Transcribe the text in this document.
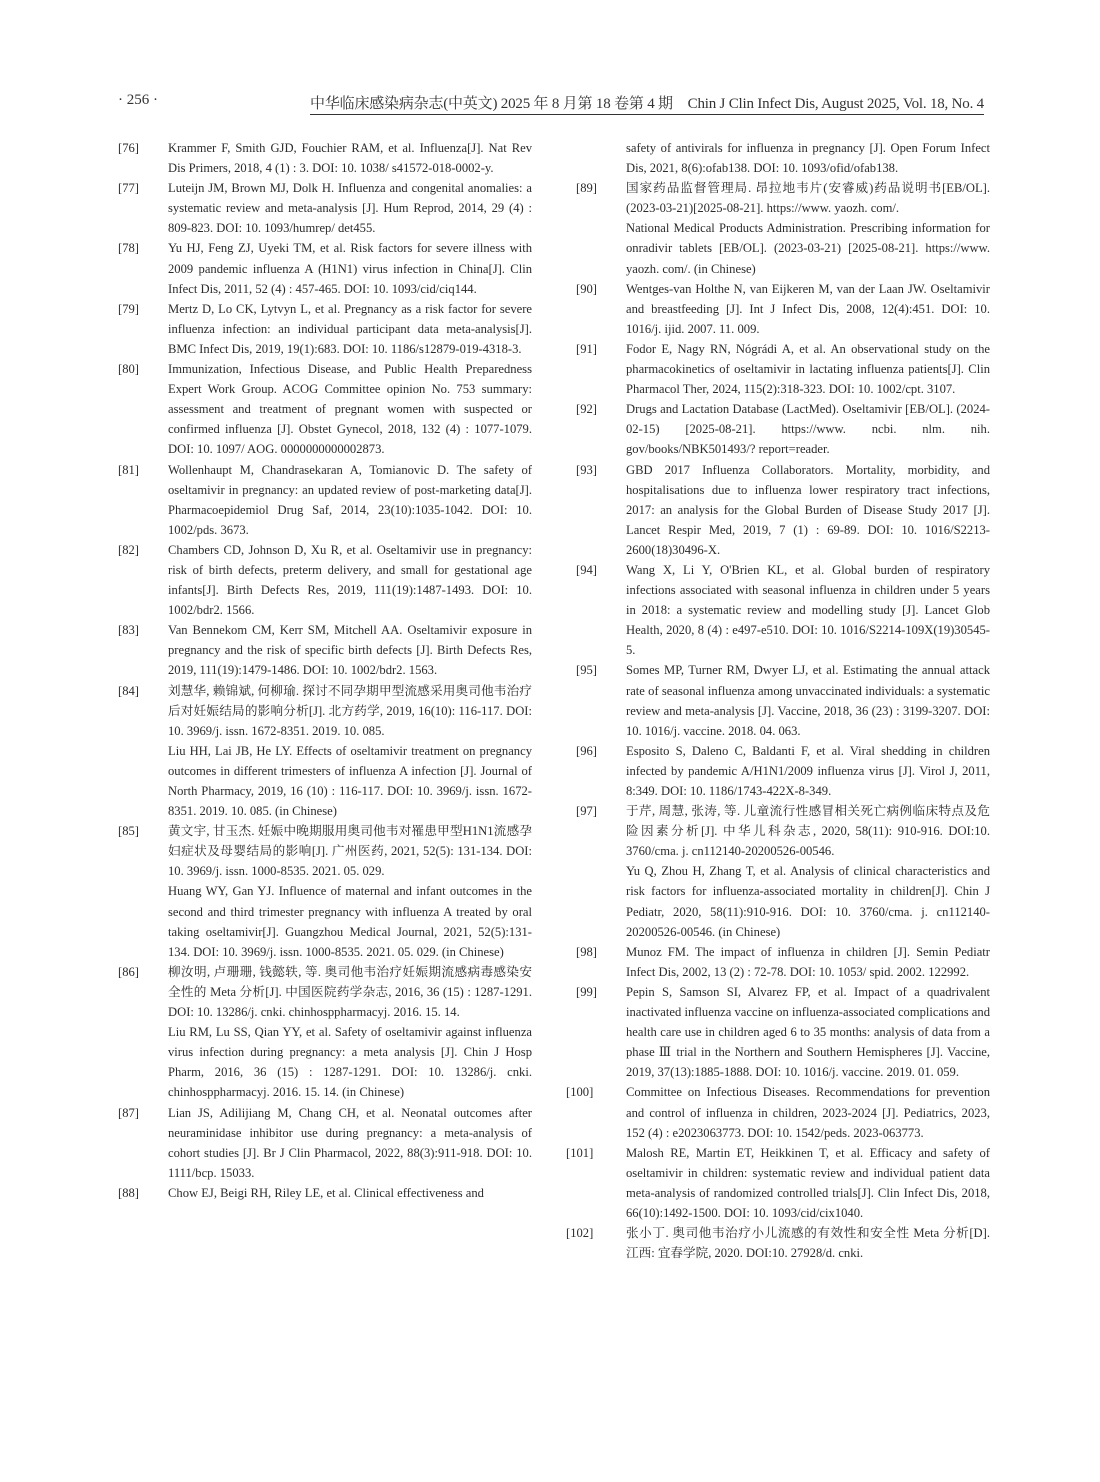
· 256 ·	中华临床感染病杂志(中英文) 2025 年 8 月第 18 卷第 4 期　Chin J Clin Infect Dis, August 2025, Vol. 18, No. 4
[76] Krammer F, Smith GJD, Fouchier RAM, et al. Influenza[J]. Nat Rev Dis Primers, 2018, 4 (1) : 3. DOI: 10. 1038/ s41572-018-0002-y.
[77] Luteijn JM, Brown MJ, Dolk H. Influenza and congenital anomalies: a systematic review and meta-analysis [J]. Hum Reprod, 2014, 29 (4) : 809-823. DOI: 10. 1093/humrep/ det455.
[78] Yu HJ, Feng ZJ, Uyeki TM, et al. Risk factors for severe illness with 2009 pandemic influenza A (H1N1) virus infection in China[J]. Clin Infect Dis, 2011, 52 (4) : 457-465. DOI: 10. 1093/cid/ciq144.
[79] Mertz D, Lo CK, Lytvyn L, et al. Pregnancy as a risk factor for severe influenza infection: an individual participant data meta-analysis[J]. BMC Infect Dis, 2019, 19(1):683. DOI: 10. 1186/s12879-019-4318-3.
[80] Immunization, Infectious Disease, and Public Health Preparedness Expert Work Group. ACOG Committee opinion No. 753 summary: assessment and treatment of pregnant women with suspected or confirmed influenza [J]. Obstet Gynecol, 2018, 132 (4) : 1077-1079. DOI: 10. 1097/ AOG. 0000000000002873.
[81] Wollenhaupt M, Chandrasekaran A, Tomianovic D. The safety of oseltamivir in pregnancy: an updated review of post-marketing data[J]. Pharmacoepidemiol Drug Saf, 2014, 23(10):1035-1042. DOI: 10. 1002/pds. 3673.
[82] Chambers CD, Johnson D, Xu R, et al. Oseltamivir use in pregnancy: risk of birth defects, preterm delivery, and small for gestational age infants[J]. Birth Defects Res, 2019, 111(19):1487-1493. DOI: 10. 1002/bdr2. 1566.
[83] Van Bennekom CM, Kerr SM, Mitchell AA. Oseltamivir exposure in pregnancy and the risk of specific birth defects [J]. Birth Defects Res, 2019, 111(19):1479-1486. DOI: 10. 1002/bdr2. 1563.
[84] 刘慧华, 赖锦斌, 何柳瑜. 探讨不同孕期甲型流感采用奥司他韦治疗后对妊娠结局的影响分析[J]. 北方药学, 2019, 16(10): 116-117. DOI: 10. 3969/j. issn. 1672-8351. 2019. 10. 085.
Liu HH, Lai JB, He LY. Effects of oseltamivir treatment on pregnancy outcomes in different trimesters of influenza A infection [J]. Journal of North Pharmacy, 2019, 16 (10) : 116-117. DOI: 10. 3969/j. issn. 1672-8351. 2019. 10. 085. (in Chinese)
[85] 黄文宇, 甘玉杰. 妊娠中晚期服用奥司他韦对罹患甲型H1N1流感孕妇症状及母婴结局的影响[J]. 广州医药, 2021, 52(5): 131-134. DOI: 10. 3969/j. issn. 1000-8535. 2021. 05. 029.
Huang WY, Gan YJ. Influence of maternal and infant outcomes in the second and third trimester pregnancy with influenza A treated by oral taking oseltamivir[J]. Guangzhou Medical Journal, 2021, 52(5):131-134. DOI: 10. 3969/j. issn. 1000-8535. 2021. 05. 029. (in Chinese)
[86] 柳汝明, 卢珊珊, 钱懿轶, 等. 奥司他韦治疗妊娠期流感病毒感染安全性的 Meta 分析[J]. 中国医院药学杂志, 2016, 36 (15) : 1287-1291. DOI: 10. 13286/j. cnki. chinhosppharmacyj. 2016. 15. 14.
Liu RM, Lu SS, Qian YY, et al. Safety of oseltamivir against influenza virus infection during pregnancy: a meta analysis [J]. Chin J Hosp Pharm, 2016, 36 (15) : 1287-1291. DOI: 10. 13286/j. cnki. chinhosppharmacyj. 2016. 15. 14. (in Chinese)
[87] Lian JS, Adilijiang M, Chang CH, et al. Neonatal outcomes after neuraminidase inhibitor use during pregnancy: a meta-analysis of cohort studies [J]. Br J Clin Pharmacol, 2022, 88(3):911-918. DOI: 10. 1111/bcp. 15033.
[88] Chow EJ, Beigi RH, Riley LE, et al. Clinical effectiveness and
safety of antivirals for influenza in pregnancy [J]. Open Forum Infect Dis, 2021, 8(6):ofab138. DOI: 10. 1093/ofid/ofab138.
[89] 国家药品监督管理局. 昂拉地韦片(安睿威)药品说明书[EB/OL]. (2023-03-21)[2025-08-21]. https://www. yaozh. com/.
National Medical Products Administration. Prescribing information for onradivir tablets [EB/OL]. (2023-03-21) [2025-08-21]. https://www. yaozh. com/. (in Chinese)
[90] Wentges-van Holthe N, van Eijkeren M, van der Laan JW. Oseltamivir and breastfeeding [J]. Int J Infect Dis, 2008, 12(4):451. DOI: 10. 1016/j. ijid. 2007. 11. 009.
[91] Fodor E, Nagy RN, Nógrádi A, et al. An observational study on the pharmacokinetics of oseltamivir in lactating influenza patients[J]. Clin Pharmacol Ther, 2024, 115(2):318-323. DOI: 10. 1002/cpt. 3107.
[92] Drugs and Lactation Database (LactMed). Oseltamivir [EB/OL]. (2024-02-15) [2025-08-21]. https://www. ncbi. nlm. nih. gov/books/NBK501493/? report=reader.
[93] GBD 2017 Influenza Collaborators. Mortality, morbidity, and hospitalisations due to influenza lower respiratory tract infections, 2017: an analysis for the Global Burden of Disease Study 2017 [J]. Lancet Respir Med, 2019, 7 (1) : 69-89. DOI: 10. 1016/S2213-2600(18)30496-X.
[94] Wang X, Li Y, O'Brien KL, et al. Global burden of respiratory infections associated with seasonal influenza in children under 5 years in 2018: a systematic review and modelling study [J]. Lancet Glob Health, 2020, 8 (4) : e497-e510. DOI: 10. 1016/S2214-109X(19)30545-5.
[95] Somes MP, Turner RM, Dwyer LJ, et al. Estimating the annual attack rate of seasonal influenza among unvaccinated individuals: a systematic review and meta-analysis [J]. Vaccine, 2018, 36 (23) : 3199-3207. DOI: 10. 1016/j. vaccine. 2018. 04. 063.
[96] Esposito S, Daleno C, Baldanti F, et al. Viral shedding in children infected by pandemic A/H1N1/2009 influenza virus [J]. Virol J, 2011, 8:349. DOI: 10. 1186/1743-422X-8-349.
[97] 于芹, 周慧, 张涛, 等. 儿童流行性感冒相关死亡病例临床特点及危险因素分析[J]. 中华儿科杂志, 2020, 58(11): 910-916. DOI:10. 3760/cma. j. cn112140-20200526-00546.
Yu Q, Zhou H, Zhang T, et al. Analysis of clinical characteristics and risk factors for influenza-associated mortality in children[J]. Chin J Pediatr, 2020, 58(11):910-916. DOI: 10. 3760/cma. j. cn112140-20200526-00546. (in Chinese)
[98] Munoz FM. The impact of influenza in children [J]. Semin Pediatr Infect Dis, 2002, 13 (2) : 72-78. DOI: 10. 1053/ spid. 2002. 122992.
[99] Pepin S, Samson SI, Alvarez FP, et al. Impact of a quadrivalent inactivated influenza vaccine on influenza-associated complications and health care use in children aged 6 to 35 months: analysis of data from a phase Ⅲ trial in the Northern and Southern Hemispheres [J]. Vaccine, 2019, 37(13):1885-1888. DOI: 10. 1016/j. vaccine. 2019. 01. 059.
[100]	Committee on Infectious Diseases. Recommendations for prevention and control of influenza in children, 2023-2024 [J]. Pediatrics, 2023, 152 (4) : e2023063773. DOI: 10. 1542/peds. 2023-063773.
[101]	Malosh RE, Martin ET, Heikkinen T, et al. Efficacy and safety of oseltamivir in children: systematic review and individual patient data meta-analysis of randomized controlled trials[J]. Clin Infect Dis, 2018, 66(10):1492-1500. DOI: 10. 1093/cid/cix1040.
[102]	张小丁. 奥司他韦治疗小儿流感的有效性和安全性 Meta 分析[D]. 江西: 宜春学院, 2020. DOI:10. 27928/d. cnki.
